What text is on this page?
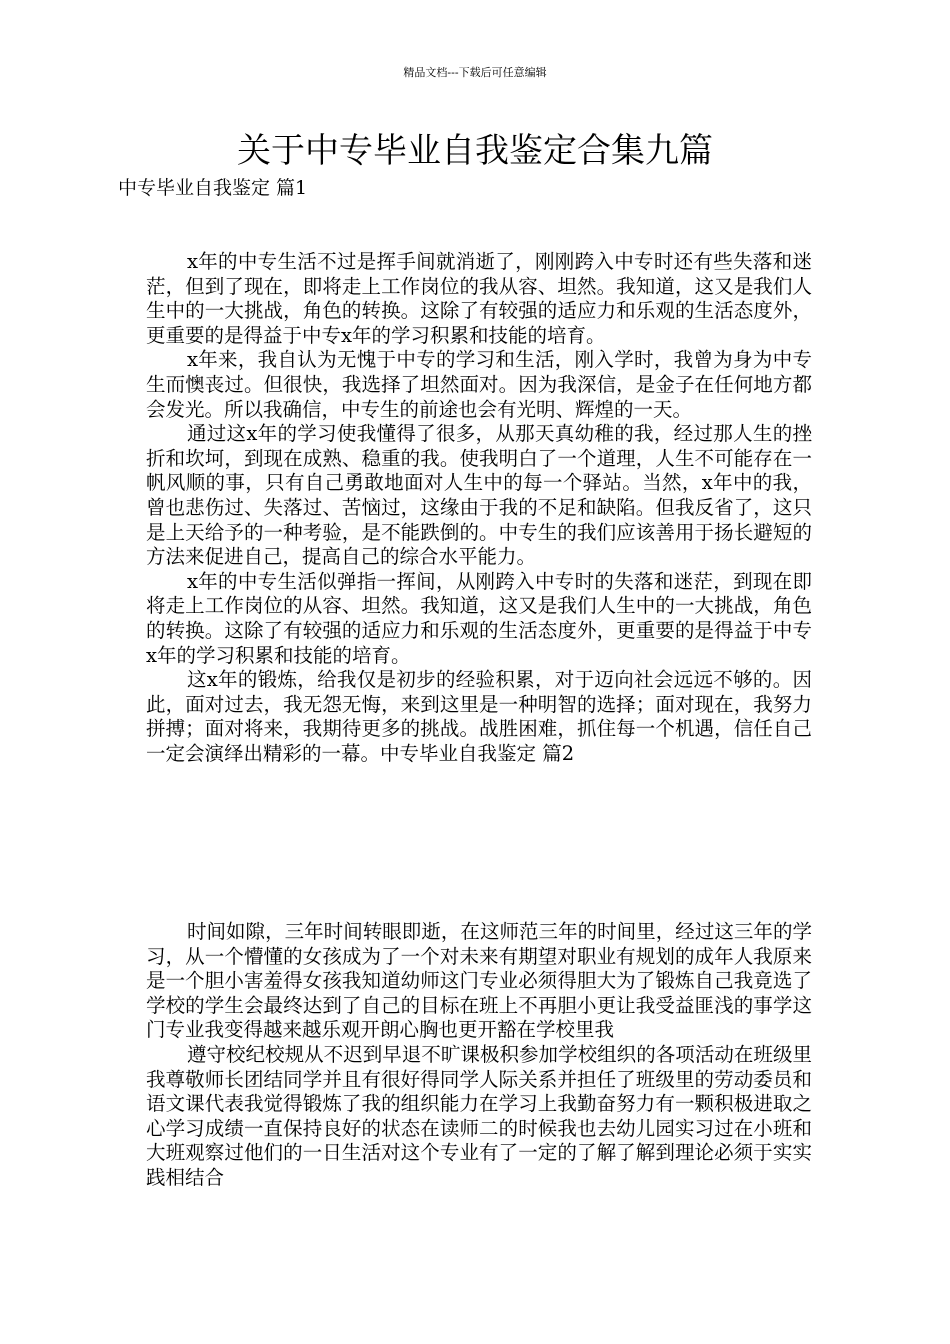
精品文档---下载后可任意编辑
关于中专毕业自我鉴定合集九篇
中专毕业自我鉴定 篇1

x年的中专生活不过是挥手间就消逝了，刚刚跨入中专时还有些失落和迷茫，但到了现在，即将走上工作岗位的我从容、坦然。我知道，这又是我们人生中的一大挑战，角色的转换。这除了有较强的适应力和乐观的生活态度外，更重要的是得益于中专x年的学习积累和技能的培育。

x年来，我自认为无愧于中专的学习和生活，刚入学时，我曾为身为中专生而懊丧过。但很快，我选择了坦然面对。因为我深信，是金子在任何地方都会发光。所以我确信，中专生的前途也会有光明、辉煌的一天。

通过这x年的学习使我懂得了很多，从那天真幼稚的我，经过那人生的挫折和坎坷，到现在成熟、稳重的我。使我明白了一个道理，人生不可能存在一帆风顺的事，只有自己勇敢地面对人生中的每一个驿站。当然，x年中的我，曾也悲伤过、失落过、苦恼过，这缘由于我的不足和缺陷。但我反省了，这只是上天给予的一种考验，是不能跌倒的。中专生的我们应该善用于扬长避短的方法来促进自己，提高自己的综合水平能力。

x年的中专生活似弹指一挥间，从刚跨入中专时的失落和迷茫，到现在即将走上工作岗位的从容、坦然。我知道，这又是我们人生中的一大挑战，角色的转换。这除了有较强的适应力和乐观的生活态度外，更重要的是得益于中专x年的学习积累和技能的培育。

这x年的锻炼，给我仅是初步的经验积累，对于迈向社会远远不够的。因此，面对过去，我无怨无悔，来到这里是一种明智的选择；面对现在，我努力拼搏；面对将来，我期待更多的挑战。战胜困难，抓住每一个机遇，信任自己一定会演绎出精彩的一幕。中专毕业自我鉴定 篇2

时间如隙，三年时间转眼即逝，在这师范三年的时间里，经过这三年的学习，从一个懵懂的女孩成为了一个对未来有期望对职业有规划的成年人我原来是一个胆小害羞得女孩我知道幼师这门专业必须得胆大为了锻炼自己我竟选了学校的学生会最终达到了自己的目标在班上不再胆小更让我受益匪浅的事学这门专业我变得越来越乐观开朗心胸也更开豁在学校里我

遵守校纪校规从不迟到早退不旷课极积参加学校组织的各项活动在班级里我尊敬师长团结同学并且有很好得同学人际关系并担任了班级里的劳动委员和语文课代表我觉得锻炼了我的组织能力在学习上我勤奋努力有一颗积极进取之心学习成绩一直保持良好的状态在读师二的时候我也去幼儿园实习过在小班和大班观察过他们的一日生活对这个专业有了一定的了解了解到理论必须于实实践相结合
